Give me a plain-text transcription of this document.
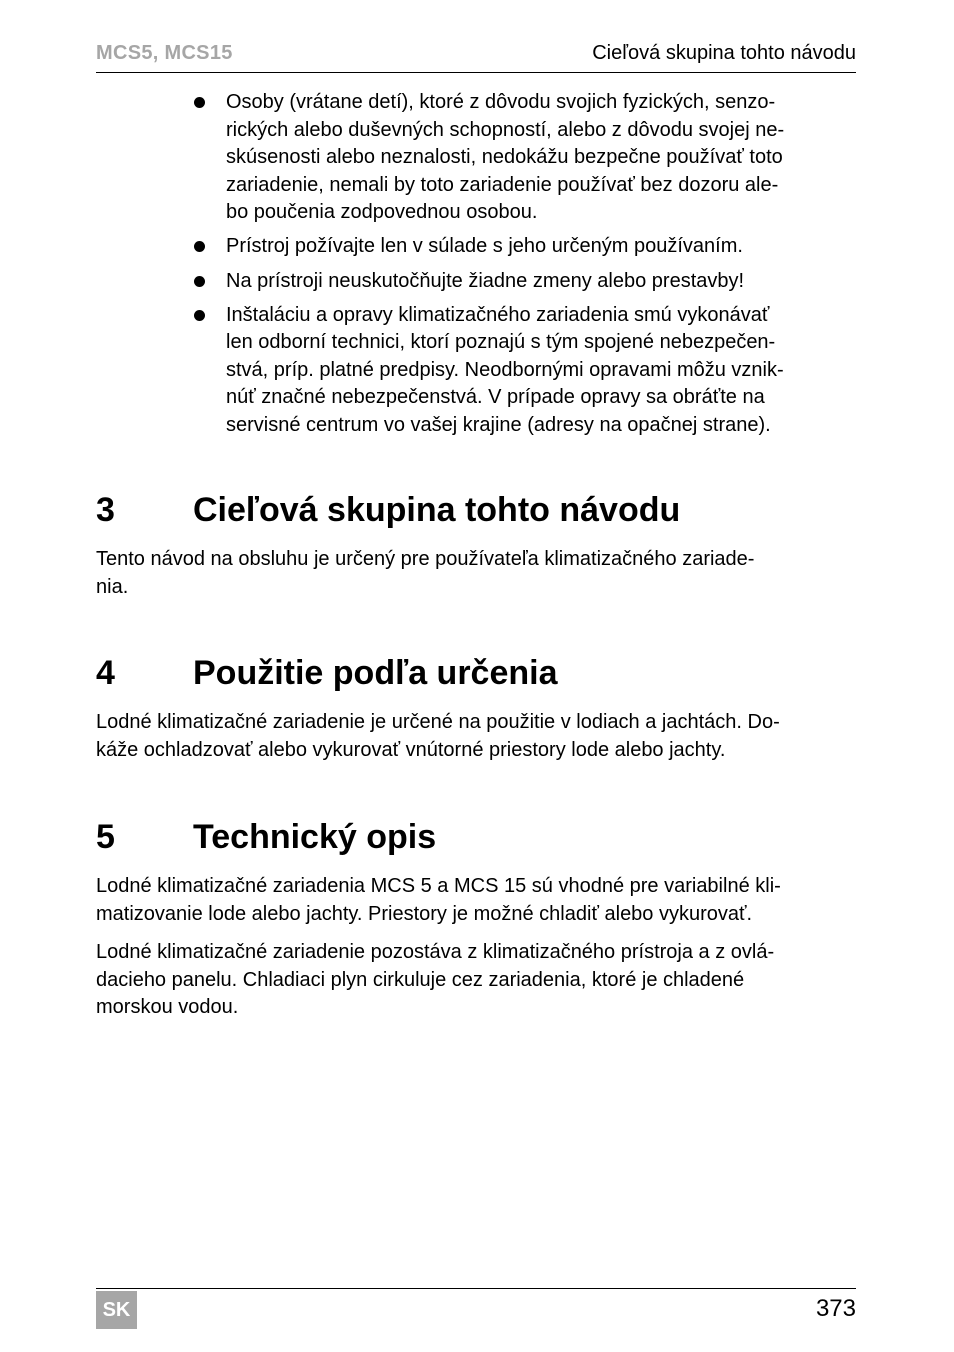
MCS5, MCS15	Cieľová skupina tohto návodu
Osoby (vrátane detí), ktoré z dôvodu svojich fyzických, senzo-
rických alebo duševných schopností, alebo z dôvodu svojej ne-
skúsenosti alebo neznalosti, nedokážu bezpečne používať toto
zariadenie, nemali by toto zariadenie používať bez dozoru ale-
bo poučenia zodpovednou osobou.
Prístroj požívajte len v súlade s jeho určeným používaním.
Na prístroji neuskutočňujte žiadne zmeny alebo prestavby!
Inštaláciu a opravy klimatizačného zariadenia smú vykonávať
len odborní technici, ktorí poznajú s tým spojené nebezpečen-
stvá, príp. platné predpisy. Neodbornými opravami môžu vznik-
núť značné nebezpečenstvá. V prípade opravy sa obráťte na
servisné centrum vo vašej krajine (adresy na opačnej strane).
3 Cieľová skupina tohto návodu

Tento návod na obsluhu je určený pre používateľa klimatizačného zariade-
nia.

4 Použitie podľa určenia

Lodné klimatizačné zariadenie je určené na použitie v lodiach a jachtách. Do-
káže ochladzovať alebo vykurovať vnútorné priestory lode alebo jachty.

5 Technický opis

Lodné klimatizačné zariadenia MCS 5 a MCS 15 sú vhodné pre variabilné kli-
matizovanie lode alebo jachty. Priestory je možné chladiť alebo vykurovať.

Lodné klimatizačné zariadenie pozostáva z klimatizačného prístroja a z ovlá-
dacieho panelu. Chladiaci plyn cirkuluje cez zariadenia, ktoré je chladené
morskou vodou.

SK	373
